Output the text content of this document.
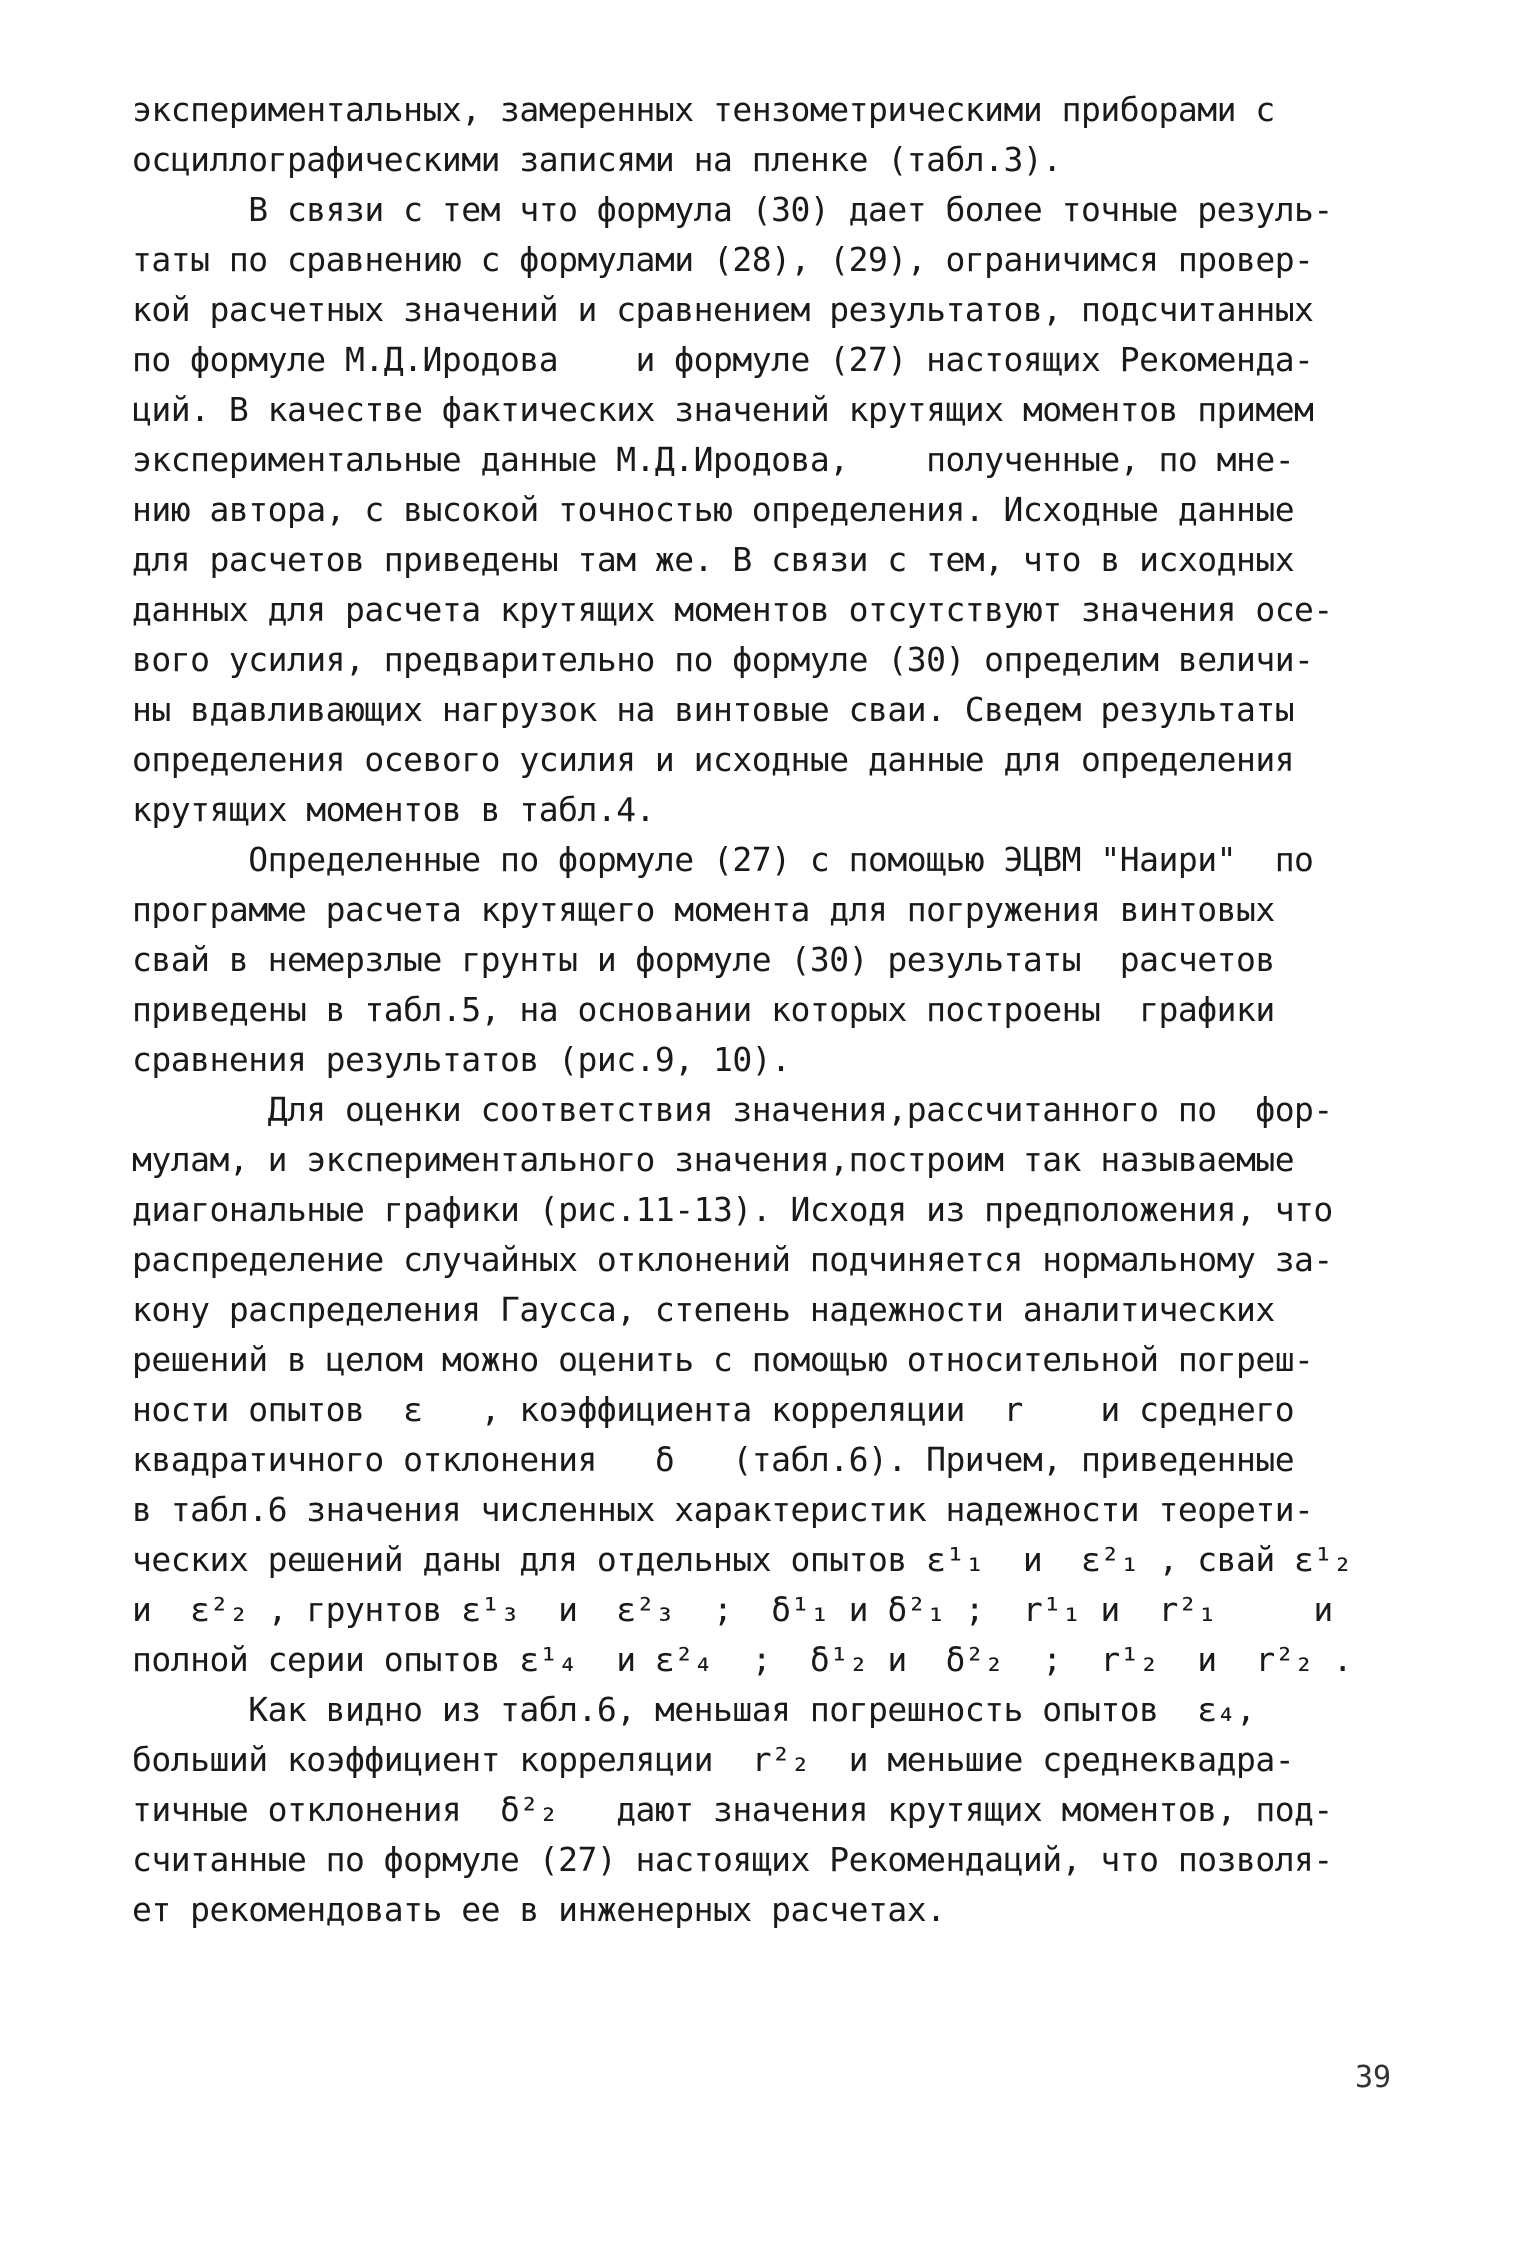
экспериментальных, замеренных тензометрическими приборами с
осциллографическими записями на пленке (табл.3).
В связи с тем что формула (30) дает более точные резуль-
таты по сравнению с формулами (28), (29), ограничимся провер-
кой расчетных значений и сравнением результатов, подсчитанных
по формуле М.Д.Иродова    и формуле (27) настоящих Рекоменда-
ций. В качестве фактических значений крутящих моментов примем
экспериментальные данные М.Д.Иродова,    полученные, по мне-
нию автора, с высокой точностью определения. Исходные данные
для расчетов приведены там же. В связи с тем, что в исходных
данных для расчета крутящих моментов отсутствуют значения осе-
вого усилия, предварительно по формуле (30) определим величи-
ны вдавливающих нагрузок на винтовые сваи. Сведем результаты
определения осевого усилия и исходные данные для определения
крутящих моментов в табл.4.
Определенные по формуле (27) с помощью ЭЦВМ "Наири"  по
программе расчета крутящего момента для погружения винтовых
свай в немерзлые грунты и формуле (30) результаты  расчетов
приведены в табл.5, на основании которых построены  графики
сравнения результатов (рис.9, 10).
Для оценки соответствия значения,рассчитанного по  фор-
мулам, и экспериментального значения,построим так называемые
диагональные графики (рис.11-13). Исходя из предположения, что
распределение случайных отклонений подчиняется нормальному за-
кону распределения Гаусса, степень надежности аналитических
решений в целом можно оценить с помощью относительной погреш-
ности опытов  ε   , коэффициента корреляции  r    и среднего
квадратичного отклонения   δ   (табл.6). Причем, приведенные
в табл.6 значения численных характеристик надежности теорети-
ческих решений даны для отдельных опытов ε¹₁  и  ε²₁ , свай ε¹₂
и  ε²₂ , грунтов ε¹₃  и  ε²₃  ;  δ¹₁ и δ²₁ ;  r¹₁ и  r²₁     и
полной серии опытов ε¹₄  и ε²₄  ;  δ¹₂ и  δ²₂  ;  r¹₂  и  r²₂ .
Как видно из табл.6, меньшая погрешность опытов  ε₄,
больший коэффициент корреляции  r²₂  и меньшие среднеквадра-
тичные отклонения  δ²₂   дают значения крутящих моментов, под-
считанные по формуле (27) настоящих Рекомендаций, что позволя-
ет рекомендовать ее в инженерных расчетах.
39
